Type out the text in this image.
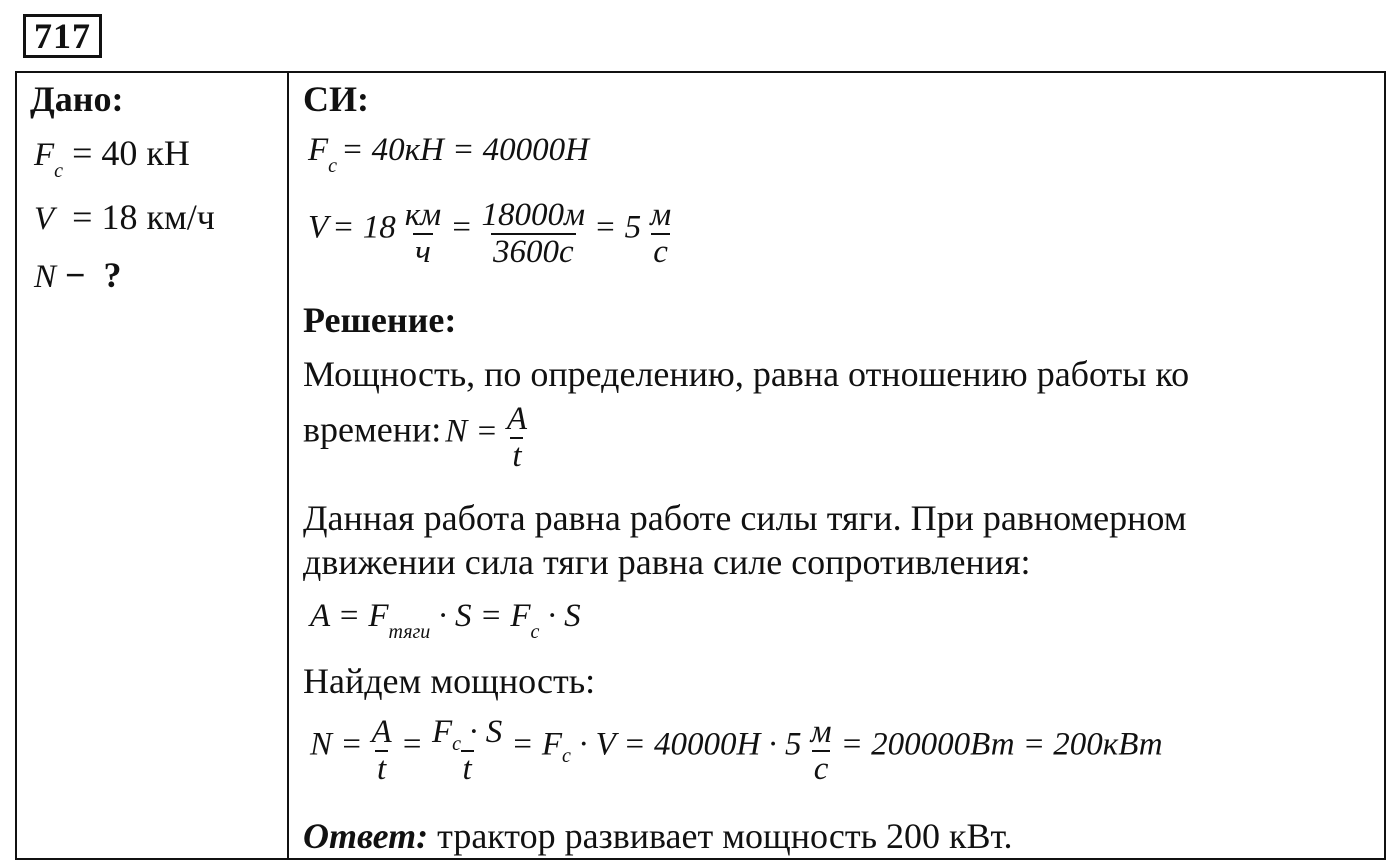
717
Дано:
Fc = 40 кН
V  = 18 км/ч
N −  ?
СИ:
Fc = 40кН = 40000Н
$V = 18 \frac{км}{ч} = \frac{18000м}{3600с} = 5 \frac{м}{с}$
Решение:
Мощность, по определению, равна отношению работы ко
времени: $N = \frac{A}{t}$
Данная работа равна работе силы тяги. При равномерном
движении сила тяги равна силе сопротивления:
A = Fтяги · S = Fc · S
Найдем мощность:
$N = \frac{A}{t} = \frac{F_c \cdot S}{t} = Fc \cdot V = 40000Н \cdot 5 \frac{м}{с} = 200000Вт = 200кВт$
Ответ: трактор развивает мощность 200 кВт.
